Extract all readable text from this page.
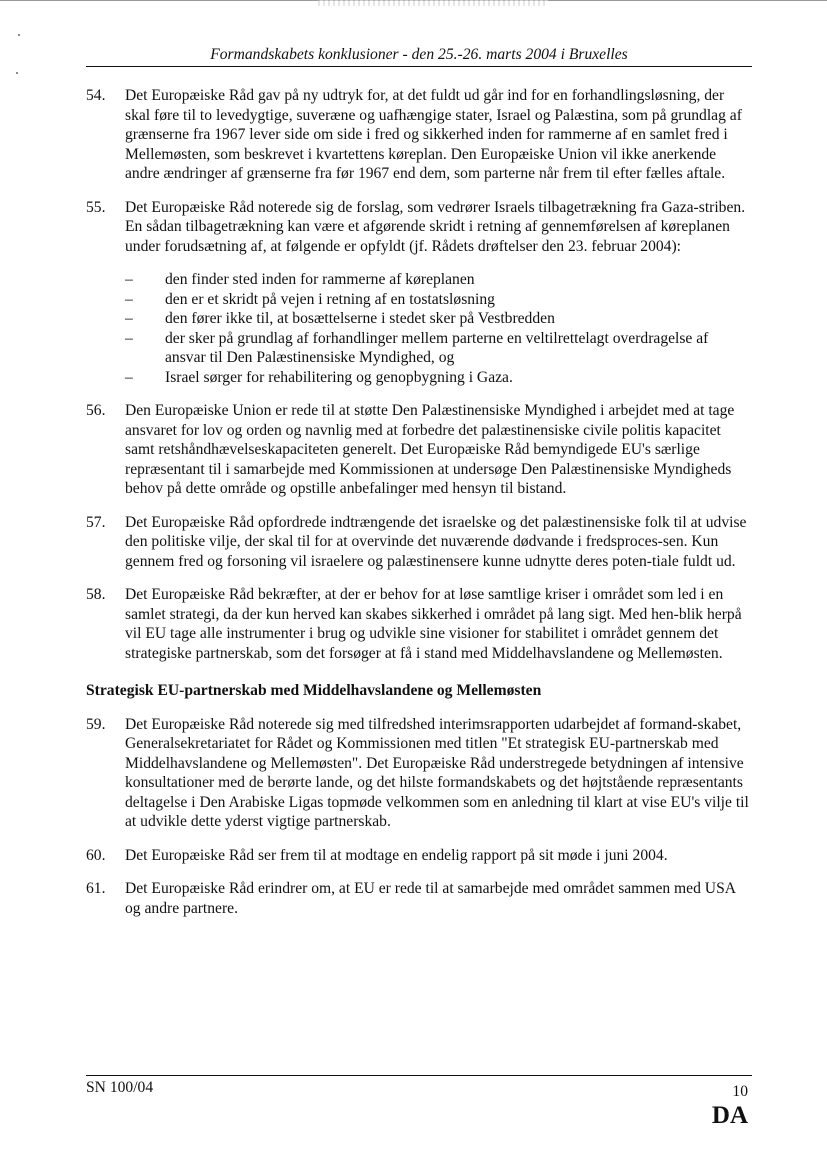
Formandskabets konklusioner - den 25.-26. marts 2004 i Bruxelles
54. Det Europæiske Råd gav på ny udtryk for, at det fuldt ud går ind for en forhandlingsløsning, der skal føre til to levedygtige, suveræne og uafhængige stater, Israel og Palæstina, som på grundlag af grænserne fra 1967 lever side om side i fred og sikkerhed inden for rammerne af en samlet fred i Mellemøsten, som beskrevet i kvartettens køreplan. Den Europæiske Union vil ikke anerkende andre ændringer af grænserne fra før 1967 end dem, som parterne når frem til efter fælles aftale.
55. Det Europæiske Råd noterede sig de forslag, som vedrører Israels tilbagetrækning fra Gaza-striben. En sådan tilbagetrækning kan være et afgørende skridt i retning af gennemførelsen af køreplanen under forudsætning af, at følgende er opfyldt (jf. Rådets drøftelser den 23. februar 2004):
– den finder sted inden for rammerne af køreplanen
– den er et skridt på vejen i retning af en tostatsløsning
– den fører ikke til, at bosættelserne i stedet sker på Vestbredden
– der sker på grundlag af forhandlinger mellem parterne en veltilrettelagt overdragelse af ansvar til Den Palæstinensiske Myndighed, og
– Israel sørger for rehabilitering og genopbygning i Gaza.
56. Den Europæiske Union er rede til at støtte Den Palæstinensiske Myndighed i arbejdet med at tage ansvaret for lov og orden og navnlig med at forbedre det palæstinensiske civile politis kapacitet samt retshåndhævelseskapaciteten generelt. Det Europæiske Råd bemyndigede EU's særlige repræsentant til i samarbejde med Kommissionen at undersøge Den Palæstinensiske Myndigheds behov på dette område og opstille anbefalinger med hensyn til bistand.
57. Det Europæiske Råd opfordrede indtrængende det israelske og det palæstinensiske folk til at udvise den politiske vilje, der skal til for at overvinde det nuværende dødvande i fredsproces-sen. Kun gennem fred og forsoning vil israelere og palæstinensere kunne udnytte deres poten-tiale fuldt ud.
58. Det Europæiske Råd bekræfter, at der er behov for at løse samtlige kriser i området som led i en samlet strategi, da der kun herved kan skabes sikkerhed i området på lang sigt. Med hen-blik herpå vil EU tage alle instrumenter i brug og udvikle sine visioner for stabilitet i området gennem det strategiske partnerskab, som det forsøger at få i stand med Middelhavslandene og Mellemøsten.
Strategisk EU-partnerskab med Middelhavslandene og Mellemøsten
59. Det Europæiske Råd noterede sig med tilfredshed interimsrapporten udarbejdet af formand-skabet, Generalsekretariatet for Rådet og Kommissionen med titlen "Et strategisk EU-partnerskab med Middelhavslandene og Mellemøsten". Det Europæiske Råd understregede betydningen af intensive konsultationer med de berørte lande, og det hilste formandskabets og det højtstående repræsentants deltagelse i Den Arabiske Ligas topmøde velkommen som en anledning til klart at vise EU's vilje til at udvikle dette yderst vigtige partnerskab.
60. Det Europæiske Råd ser frem til at modtage en endelig rapport på sit møde i juni 2004.
61. Det Europæiske Råd erindrer om, at EU er rede til at samarbejde med området sammen med USA og andre partnere.
SN 100/04	10
DA
